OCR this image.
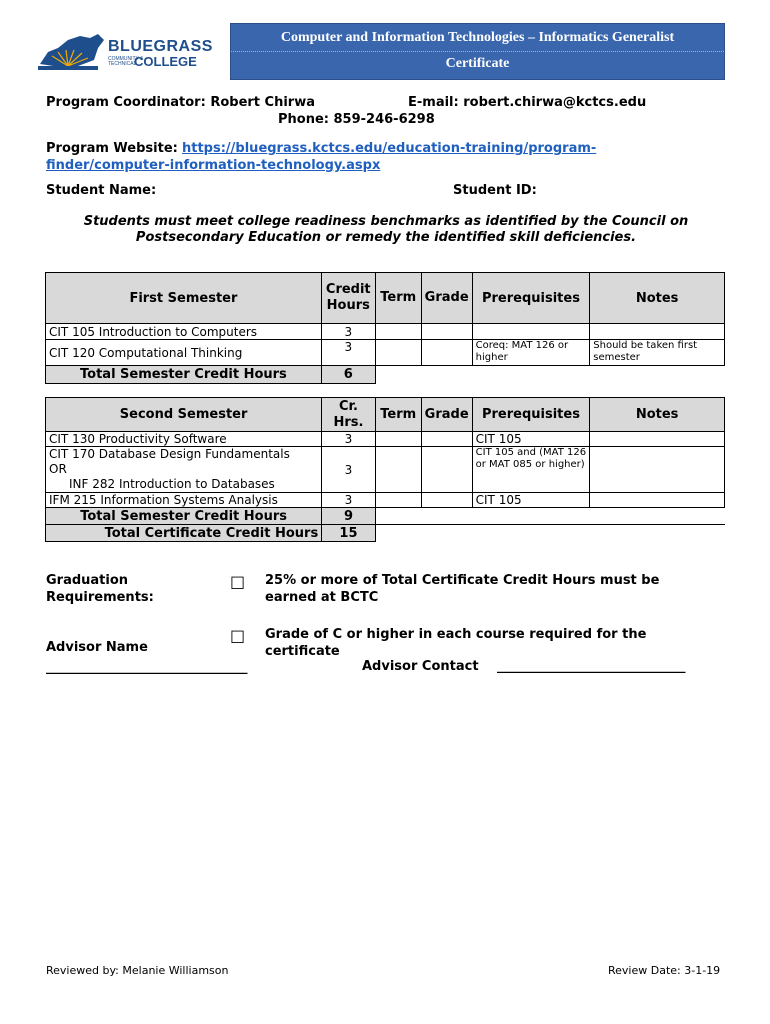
BLUEGRASS
COMMUNITY &
TECHNICAL
COLLEGE
Computer and Information Technologies – Informatics Generalist
Certificate
Program Coordinator: Robert Chirwa	E-mail: robert.chirwa@kctcs.edu
Phone: 859-246-6298
Program Website: https://bluegrass.kctcs.edu/education-training/program-
finder/computer-information-technology.aspx
Student Name:	Student ID:
Students must meet college readiness benchmarks as identified by the Council on Postsecondary Education or remedy the identified skill deficiencies.
First Semester	Credit Hours	Term	Grade	Prerequisites	Notes
CIT 105 Introduction to Computers	3				
CIT 120 Computational Thinking	3			Coreq: MAT 126 or higher	Should be taken first semester
Total Semester Credit Hours	6				
Second Semester	Cr. Hrs.	Term	Grade	Prerequisites	Notes
CIT 130 Productivity Software	3			CIT 105	

CIT 170 Database Design Fundamentals
OR
INF 282 Introduction to Databases	3			CIT 105 and (MAT 126 or MAT 085 or higher)	
IFM 215 Information Systems Analysis	3			CIT 105	
Total Semester Credit Hours	9				
Total Certificate Credit Hours	15				
Graduation Requirements:
□ 25% or more of Total Certificate Credit Hours must be earned at BCTC
□ Grade of C or higher in each course required for the certificate
Advisor Name
_______________________________	Advisor Contact _____________________________
Reviewed by: Melanie Williamson	Review Date: 3-1-19
